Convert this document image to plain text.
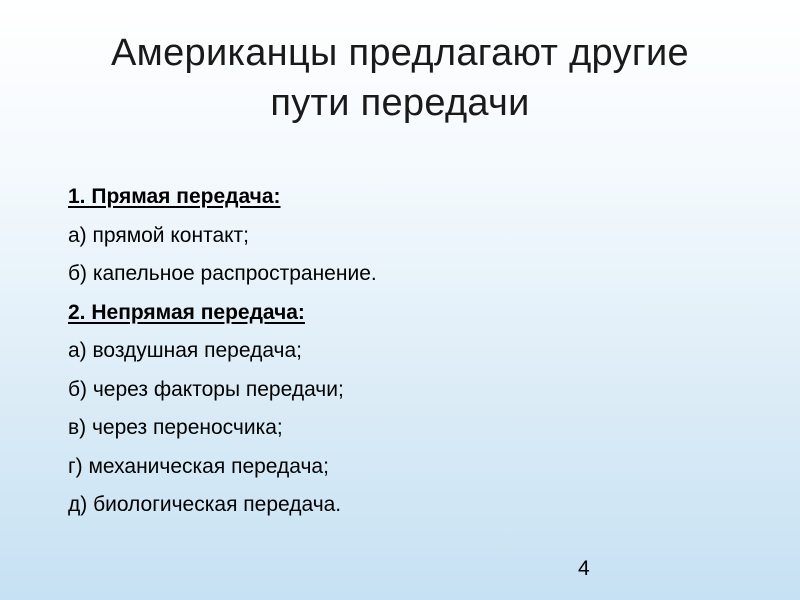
Американцы предлагают другие
пути передачи
1. Прямая передача:
а) прямой контакт;
б) капельное распространение.
2. Непрямая передача:
а) воздушная передача;
б) через факторы передачи;
в) через переносчика;
г) механическая передача;
д) биологическая передача.
4
